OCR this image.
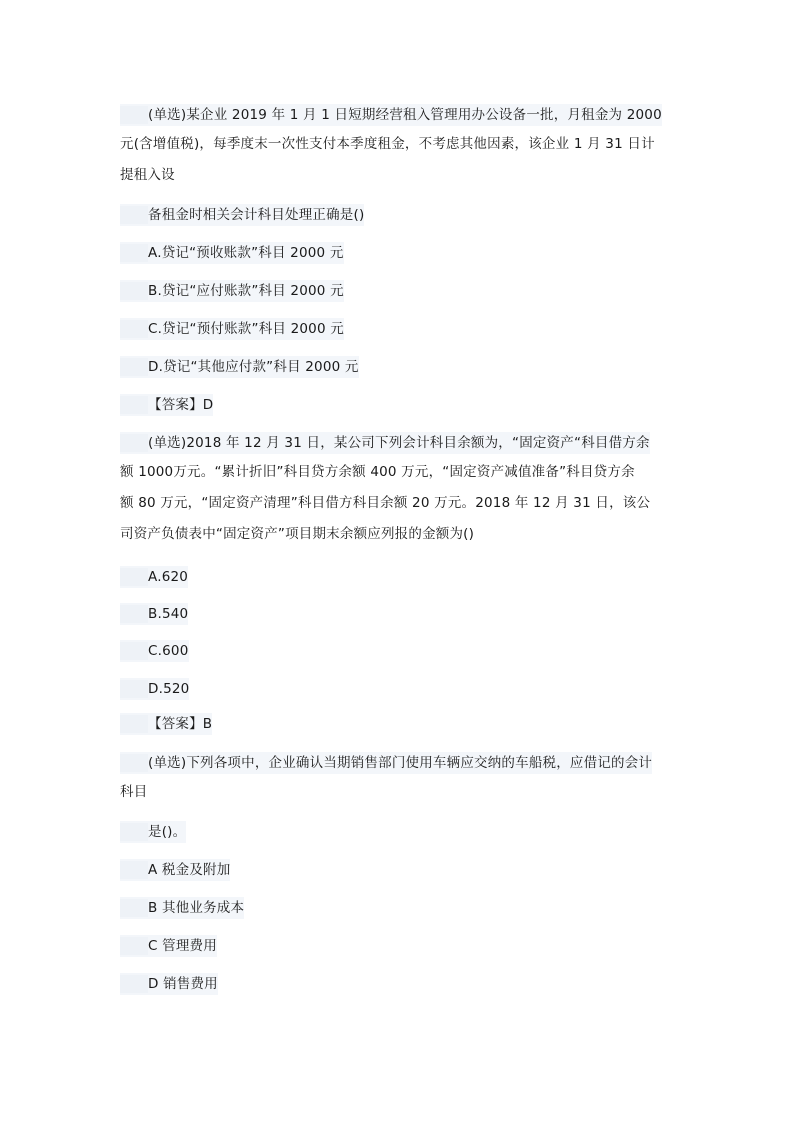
(单选)某企业 2019 年 1 月 1 日短期经营租入管理用办公设备一批，月租金为 2000
元(含增值税)，每季度末一次性支付本季度租金，不考虑其他因素，该企业 1 月 31 日计
提租入设
备租金时相关会计科目处理正确是()
A.贷记“预收账款”科目 2000 元
B.贷记“应付账款”科目 2000 元
C.贷记“预付账款”科目 2000 元
D.贷记“其他应付款”科目 2000 元
【答案】D
(单选)2018 年 12 月 31 日，某公司下列会计科目余额为，“固定资产“科目借方余
额 1000万元。“累计折旧”科目贷方余额 400 万元，“固定资产减值准备”科目贷方余
额 80 万元，“固定资产清理”科目借方科目余额 20 万元。2018 年 12 月 31 日，该公
司资产负债表中“固定资产”项目期末余额应列报的金额为()
A.620
B.540
C.600
D.520
【答案】B
(单选)下列各项中，企业确认当期销售部门使用车辆应交纳的车船税，应借记的会计
科目
是()。
A 税金及附加
B 其他业务成本
C 管理费用
D 销售费用
